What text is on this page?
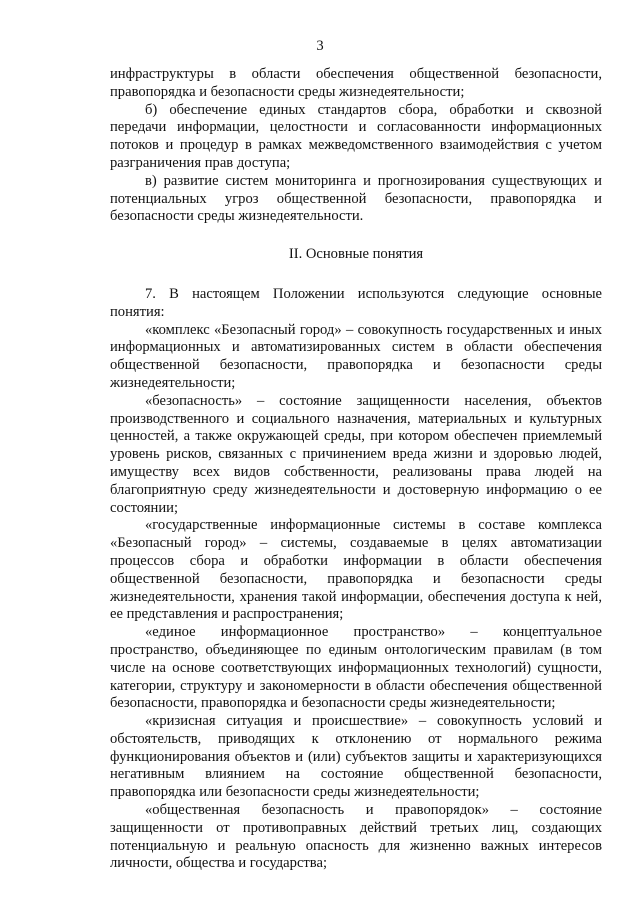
3

инфраструктуры в области обеспечения общественной безопасности, правопорядка и безопасности среды жизнедеятельности;

б) обеспечение единых стандартов сбора, обработки и сквозной передачи информации, целостности и согласованности информационных потоков и процедур в рамках межведомственного взаимодействия с учетом разграничения прав доступа;

в) развитие систем мониторинга и прогнозирования существующих и потенциальных угроз общественной безопасности, правопорядка и безопасности среды жизнедеятельности.

II. Основные понятия

7. В настоящем Положении используются следующие основные понятия:

«комплекс «Безопасный город» – совокупность государственных и иных информационных и автоматизированных систем в области обеспечения общественной безопасности, правопорядка и безопасности среды жизнедеятельности;

«безопасность» – состояние защищенности населения, объектов производственного и социального назначения, материальных и культурных ценностей, а также окружающей среды, при котором обеспечен приемлемый уровень рисков, связанных с причинением вреда жизни и здоровью людей, имуществу всех видов собственности, реализованы права людей на благоприятную среду жизнедеятельности и достоверную информацию о ее состоянии;

«государственные информационные системы в составе комплекса «Безопасный город» – системы, создаваемые в целях автоматизации процессов сбора и обработки информации в области обеспечения общественной безопасности, правопорядка и безопасности среды жизнедеятельности, хранения такой информации, обеспечения доступа к ней, ее представления и распространения;

«единое информационное пространство» – концептуальное пространство, объединяющее по единым онтологическим правилам (в том числе на основе соответствующих информационных технологий) сущности, категории, структуру и закономерности в области обеспечения общественной безопасности, правопорядка и безопасности среды жизнедеятельности;

«кризисная ситуация и происшествие» – совокупность условий и обстоятельств, приводящих к отклонению от нормального режима функционирования объектов и (или) субъектов защиты и характеризующихся негативным влиянием на состояние общественной безопасности, правопорядка или безопасности среды жизнедеятельности;

«общественная безопасность и правопорядок» – состояние защищенности от противоправных действий третьих лиц, создающих потенциальную и реальную опасность для жизненно важных интересов личности, общества и государства;
